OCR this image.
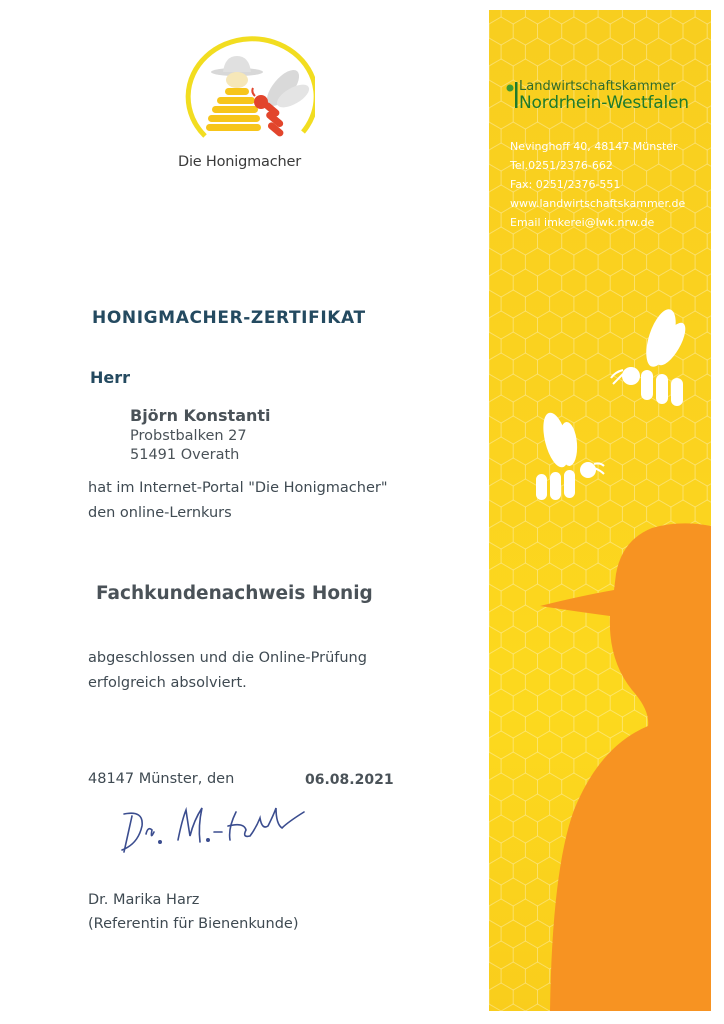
Die Honigmacher
HONIGMACHER-ZERTIFIKAT
Herr
Björn Konstanti
Probstbalken 27
51491 Overath
hat im Internet-Portal "Die Honigmacher"
den online-Lernkurs
Fachkundenachweis Honig
abgeschlossen und die Online-Prüfung
erfolgreich absolviert.
48147 Münster, den	06.08.2021
Dr. Marika Harz
(Referentin für Bienenkunde)
Landwirtschaftskammer
Nordrhein-Westfalen
Nevinghoff 40, 48147 Münster
Tel.0251/2376-662
Fax: 0251/2376-551
www.landwirtschaftskammer.de
Email imkerei@lwk.nrw.de
